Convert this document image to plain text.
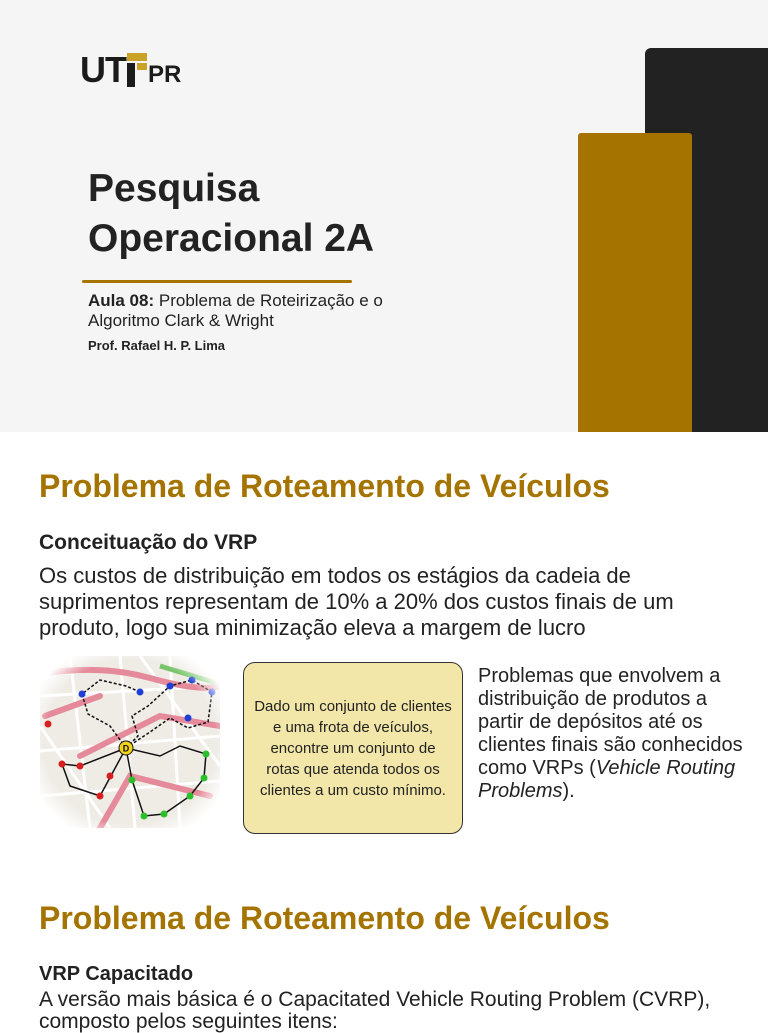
UT PR
Pesquisa
Operacional 2A
Aula 08: Problema de Roteirização e o Algoritmo Clark & Wright
Prof. Rafael H. P. Lima
Problema de Roteamento de Veículos
Conceituação do VRP

Os custos de distribuição em todos os estágios da cadeia de suprimentos representam de 10% a 20% dos custos finais de um produto, logo sua minimização eleva a margem de lucro

Dado um conjunto de clientes e uma frota de veículos, encontre um conjunto de rotas que atenda todos os clientes a um custo mínimo.
Problemas que envolvem a distribuição de produtos a partir de depósitos até os clientes finais são conhecidos como VRPs (Vehicle Routing Problems).
Problema de Roteamento de Veículos
VRP Capacitado

A versão mais básica é o Capacitated Vehicle Routing Problem (CVRP), composto pelos seguintes itens:
